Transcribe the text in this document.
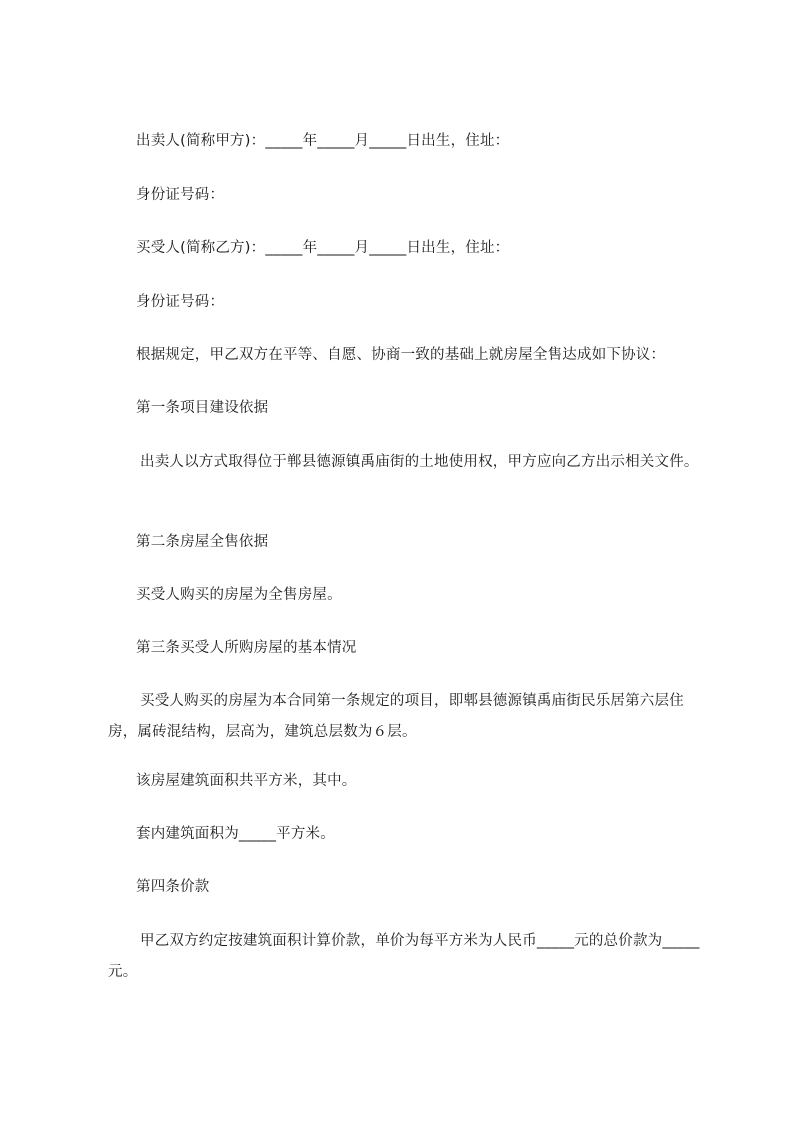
出卖人(简称甲方)：_____年_____月_____日出生，住址：

身份证号码：

买受人(简称乙方)：_____年_____月_____日出生，住址：

身份证号码：

根据规定，甲乙双方在平等、自愿、协商一致的基础上就房屋全售达成如下协议：

第一条项目建设依据

出卖人以方式取得位于郸县德源镇禹庙街的土地使用权，甲方应向乙方出示相关文件。

第二条房屋全售依据

买受人购买的房屋为全售房屋。

第三条买受人所购房屋的基本情况

买受人购买的房屋为本合同第一条规定的项目，即郫县德源镇禹庙街民乐居第六层住房，属砖混结构，层高为，建筑总层数为６层。

该房屋建筑面积共平方米，其中。

套内建筑面积为_____平方米。

第四条价款

甲乙双方约定按建筑面积计算价款，单价为每平方米为人民币_____元的总价款为_____元。
